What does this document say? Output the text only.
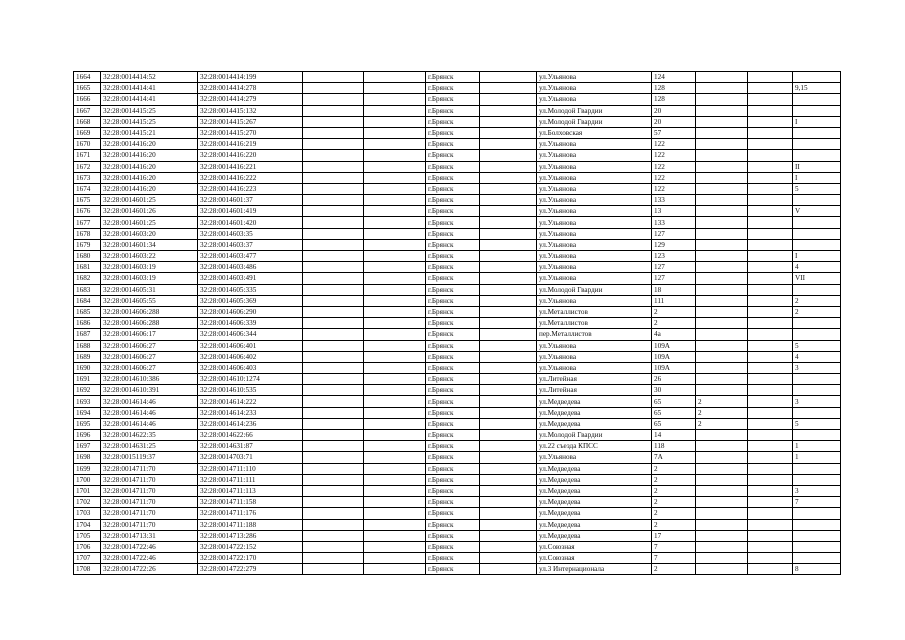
1664	32:28:0014414:52	32:28:0014414:199			г.Брянск		ул.Ульянова	124			
1665	32:28:0014414:41	32:28:0014414:278			г.Брянск		ул.Ульянова	128			9,15
1666	32:28:0014414:41	32:28:0014414:279			г.Брянск		ул.Ульянова	128			
1667	32:28:0014415:25	32:28:0014415:132			г.Брянск		ул.Молодой Гвардии	20			
1668	32:28:0014415:25	32:28:0014415:267			г.Брянск		ул.Молодой Гвардии	20			I
1669	32:28:0014415:21	32:28:0014415:270			г.Брянск		ул.Болховская	57			
1670	32:28:0014416:20	32:28:0014416:219			г.Брянск		ул.Ульянова	122			
1671	32:28:0014416:20	32:28:0014416:220			г.Брянск		ул.Ульянова	122			
1672	32:28:0014416:20	32:28:0014416:221			г.Брянск		ул.Ульянова	122			II
1673	32:28:0014416:20	32:28:0014416:222			г.Брянск		ул.Ульянова	122			I
1674	32:28:0014416:20	32:28:0014416:223			г.Брянск		ул.Ульянова	122			5
1675	32:28:0014601:25	32:28:0014601:37			г.Брянск		ул.Ульянова	133			
1676	32:28:0014601:26	32:28:0014601:419			г.Брянск		ул.Ульянова	13			V
1677	32:28:0014601:25	32:28:0014601:420			г.Брянск		ул.Ульянова	133			
1678	32:28:0014603:20	32:28:0014603:35			г.Брянск		ул.Ульянова	127			
1679	32:28:0014601:34	32:28:0014603:37			г.Брянск		ул.Ульянова	129			
1680	32:28:0014603:22	32:28:0014603:477			г.Брянск		ул.Ульянова	123			I
1681	32:28:0014603:19	32:28:0014603:486			г.Брянск		ул.Ульянова	127			4
1682	32:28:0014603:19	32:28:0014603:491			г.Брянск		ул.Ульянова	127			VII
1683	32:28:0014605:31	32:28:0014605:335			г.Брянск		ул.Молодой Гвардии	18			
1684	32:28:0014605:55	32:28:0014605:369			г.Брянск		ул.Ульянова	111			2
1685	32:28:0014606:288	32:28:0014606:290			г.Брянск		ул.Металлистов	2			2
1686	32:28:0014606:288	32:28:0014606:339			г.Брянск		ул.Металлистов	2			
1687	32:28:0014606:17	32:28:0014606:344			г.Брянск		пер.Металлистов	4а			
1688	32:28:0014606:27	32:28:0014606:401			г.Брянск		ул.Ульянова	109А			5
1689	32:28:0014606:27	32:28:0014606:402			г.Брянск		ул.Ульянова	109А			4
1690	32:28:0014606:27	32:28:0014606:403			г.Брянск		ул.Ульянова	109А			3
1691	32:28:0014610:386	32:28:0014610:1274			г.Брянск		ул.Литейная	26			
1692	32:28:0014610:391	32:28:0014610:535			г.Брянск		ул.Литейная	30			
1693	32:28:0014614:46	32:28:0014614:222			г.Брянск		ул.Медведева	65	2		3
1694	32:28:0014614:46	32:28:0014614:233			г.Брянск		ул.Медведева	65	2		
1695	32:28:0014614:46	32:28:0014614:236			г.Брянск		ул.Медведева	65	2		5
1696	32:28:0014622:35	32:28:0014622:66			г.Брянск		ул.Молодой Гвардии	14			
1697	32:28:0014631:25	32:28:0014631:87			г.Брянск		ул.22 съезда КПСС	118			1
1698	32:28:0015119:37	32:28:0014703:71			г.Брянск		ул.Ульянова	7А			1
1699	32:28:0014711:70	32:28:0014711:110			г.Брянск		ул.Медведева	2			
1700	32:28:0014711:70	32:28:0014711:111			г.Брянск		ул.Медведева	2			
1701	32:28:0014711:70	32:28:0014711:113			г.Брянск		ул.Медведева	2			3
1702	32:28:0014711:70	32:28:0014711:158			г.Брянск		ул.Медведева	2			7
1703	32:28:0014711:70	32:28:0014711:176			г.Брянск		ул.Медведева	2			
1704	32:28:0014711:70	32:28:0014711:188			г.Брянск		ул.Медведева	2			
1705	32:28:0014713:31	32:28:0014713:286			г.Брянск		ул.Медведева	17			
1706	32:28:0014722:46	32:28:0014722:152			г.Брянск		ул.Союзная	7			
1707	32:28:0014722:46	32:28:0014722:170			г.Брянск		ул.Союзная	7			
1708	32:28:0014722:26	32:28:0014722:279			г.Брянск		ул.3 Интернационала	2			8
